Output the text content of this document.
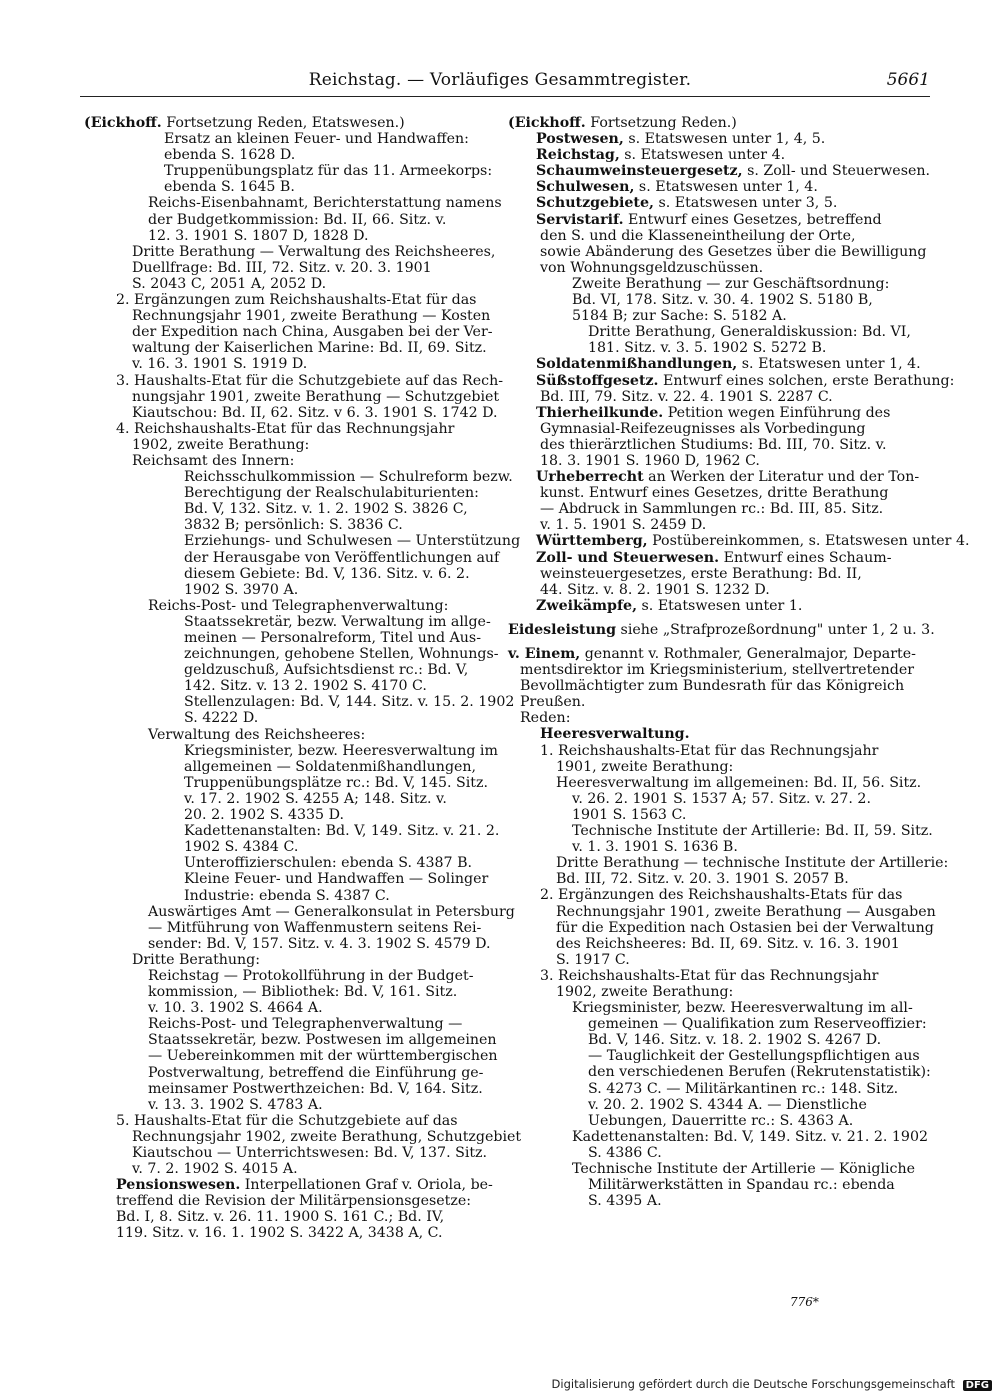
Reichstag. — Vorläufiges Gesammtregister.	5661
(Eickhoff. Fortsetzung Reden, Etatswesen.)
Ersatz an kleinen Feuer- und Handwaffen:
ebenda S. 1628 D.
Truppenübungsplatz für das 11. Armeekorps:
ebenda S. 1645 B.
Reichs-Eisenbahnamt, Berichterstattung namens
der Budgetkommission: Bd. II, 66. Sitz. v.
12. 3. 1901 S. 1807 D, 1828 D.
Dritte Berathung — Verwaltung des Reichsheeres,
Duellfrage: Bd. III, 72. Sitz. v. 20. 3. 1901
S. 2043 C, 2051 A, 2052 D.
2. Ergänzungen zum Reichshaushalts-Etat für das
Rechnungsjahr 1901, zweite Berathung — Kosten
der Expedition nach China, Ausgaben bei der Ver-
waltung der Kaiserlichen Marine: Bd. II, 69. Sitz.
v. 16. 3. 1901 S. 1919 D.
3. Haushalts-Etat für die Schutzgebiete auf das Rech-
nungsjahr 1901, zweite Berathung — Schutzgebiet
Kiautschou: Bd. II, 62. Sitz. v 6. 3. 1901 S. 1742 D.
4. Reichshaushalts-Etat für das Rechnungsjahr
1902, zweite Berathung:
Reichsamt des Innern:
Reichsschulkommission — Schulreform bezw.
Berechtigung der Realschulabiturienten:
Bd. V, 132. Sitz. v. 1. 2. 1902 S. 3826 C,
3832 B; persönlich: S. 3836 C.
Erziehungs- und Schulwesen — Unterstützung
der Herausgabe von Veröffentlichungen auf
diesem Gebiete: Bd. V, 136. Sitz. v. 6. 2.
1902 S. 3970 A.
Reichs-Post- und Telegraphenverwaltung:
Staatssekretär, bezw. Verwaltung im allge-
meinen — Personalreform, Titel und Aus-
zeichnungen, gehobene Stellen, Wohnungs-
geldzuschuß, Aufsichtsdienst rc.: Bd. V,
142. Sitz. v. 13 2. 1902 S. 4170 C.
Stellenzulagen: Bd. V, 144. Sitz. v. 15. 2. 1902
S. 4222 D.
Verwaltung des Reichsheeres:
Kriegsminister, bezw. Heeresverwaltung im
allgemeinen — Soldatenmißhandlungen,
Truppenübungsplätze rc.: Bd. V, 145. Sitz.
v. 17. 2. 1902 S. 4255 A; 148. Sitz. v.
20. 2. 1902 S. 4335 D.
Kadettenanstalten: Bd. V, 149. Sitz. v. 21. 2.
1902 S. 4384 C.
Unteroffizierschulen: ebenda S. 4387 B.
Kleine Feuer- und Handwaffen — Solinger
Industrie: ebenda S. 4387 C.
Auswärtiges Amt — Generalkonsulat in Petersburg
— Mitführung von Waffenmustern seitens Rei-
sender: Bd. V, 157. Sitz. v. 4. 3. 1902 S. 4579 D.
Dritte Berathung:
Reichstag — Protokollführung in der Budget-
kommission, — Bibliothek: Bd. V, 161. Sitz.
v. 10. 3. 1902 S. 4664 A.
Reichs-Post- und Telegraphenverwaltung —
Staatssekretär, bezw. Postwesen im allgemeinen
— Uebereinkommen mit der württembergischen
Postverwaltung, betreffend die Einführung ge-
meinsamer Postwerthzeichen: Bd. V, 164. Sitz.
v. 13. 3. 1902 S. 4783 A.
5. Haushalts-Etat für die Schutzgebiete auf das
Rechnungsjahr 1902, zweite Berathung, Schutzgebiet
Kiautschou — Unterrichtswesen: Bd. V, 137. Sitz.
v. 7. 2. 1902 S. 4015 A.
Pensionswesen. Interpellationen Graf v. Oriola, be-
treffend die Revision der Militärpensionsgesetze:
Bd. I, 8. Sitz. v. 26. 11. 1900 S. 161 C.; Bd. IV,
119. Sitz. v. 16. 1. 1902 S. 3422 A, 3438 A, C.
(Eickhoff. Fortsetzung Reden.)
Postwesen, s. Etatswesen unter 1, 4, 5.
Reichstag, s. Etatswesen unter 4.
Schaumweinsteuergesetz, s. Zoll- und Steuerwesen.
Schulwesen, s. Etatswesen unter 1, 4.
Schutzgebiete, s. Etatswesen unter 3, 5.
Servistarif. Entwurf eines Gesetzes, betreffend
den S. und die Klasseneintheilung der Orte,
sowie Abänderung des Gesetzes über die Bewilligung
von Wohnungsgeldzuschüssen.
Zweite Berathung — zur Geschäftsordnung:
Bd. VI, 178. Sitz. v. 30. 4. 1902 S. 5180 B,
5184 B; zur Sache: S. 5182 A.
Dritte Berathung, Generaldiskussion: Bd. VI,
181. Sitz. v. 3. 5. 1902 S. 5272 B.
Soldatenmißhandlungen, s. Etatswesen unter 1, 4.
Süßstoffgesetz. Entwurf eines solchen, erste Berathung:
Bd. III, 79. Sitz. v. 22. 4. 1901 S. 2287 C.
Thierheilkunde. Petition wegen Einführung des
Gymnasial-Reifezeugnisses als Vorbedingung
des thierärztlichen Studiums: Bd. III, 70. Sitz. v.
18. 3. 1901 S. 1960 D, 1962 C.
Urheberrecht an Werken der Literatur und der Ton-
kunst. Entwurf eines Gesetzes, dritte Berathung
— Abdruck in Sammlungen rc.: Bd. III, 85. Sitz.
v. 1. 5. 1901 S. 2459 D.
Württemberg, Postübereinkommen, s. Etatswesen unter 4.
Zoll- und Steuerwesen. Entwurf eines Schaum-
weinsteuergesetzes, erste Berathung: Bd. II,
44. Sitz. v. 8. 2. 1901 S. 1232 D.
Zweikämpfe, s. Etatswesen unter 1.
Eidesleistung siehe „Strafprozeßordnung" unter 1, 2 u. 3.
v. Einem, genannt v. Rothmaler, Generalmajor, Departe-
mentsdirektor im Kriegsministerium, stellvertretender
Bevollmächtigter zum Bundesrath für das Königreich
Preußen.
Reden:
Heeresverwaltung.
1. Reichshaushalts-Etat für das Rechnungsjahr
1901, zweite Berathung:
Heeresverwaltung im allgemeinen: Bd. II, 56. Sitz.
v. 26. 2. 1901 S. 1537 A; 57. Sitz. v. 27. 2.
1901 S. 1563 C.
Technische Institute der Artillerie: Bd. II, 59. Sitz.
v. 1. 3. 1901 S. 1636 B.
Dritte Berathung — technische Institute der Artillerie:
Bd. III, 72. Sitz. v. 20. 3. 1901 S. 2057 B.
2. Ergänzungen des Reichshaushalts-Etats für das
Rechnungsjahr 1901, zweite Berathung — Ausgaben
für die Expedition nach Ostasien bei der Verwaltung
des Reichsheeres: Bd. II, 69. Sitz. v. 16. 3. 1901
S. 1917 C.
3. Reichshaushalts-Etat für das Rechnungsjahr
1902, zweite Berathung:
Kriegsminister, bezw. Heeresverwaltung im all-
gemeinen — Qualifikation zum Reserveoffizier:
Bd. V, 146. Sitz. v. 18. 2. 1902 S. 4267 D.
— Tauglichkeit der Gestellungspflichtigen aus
den verschiedenen Berufen (Rekrutenstatistik):
S. 4273 C. — Militärkantinen rc.: 148. Sitz.
v. 20. 2. 1902 S. 4344 A. — Dienstliche
Uebungen, Dauerritte rc.: S. 4363 A.
Kadettenanstalten: Bd. V, 149. Sitz. v. 21. 2. 1902
S. 4386 C.
Technische Institute der Artillerie — Königliche
Militärwerkstätten in Spandau rc.: ebenda
S. 4395 A.
776*
Digitalisierung gefördert durch die Deutsche Forschungsgemeinschaft DFG
